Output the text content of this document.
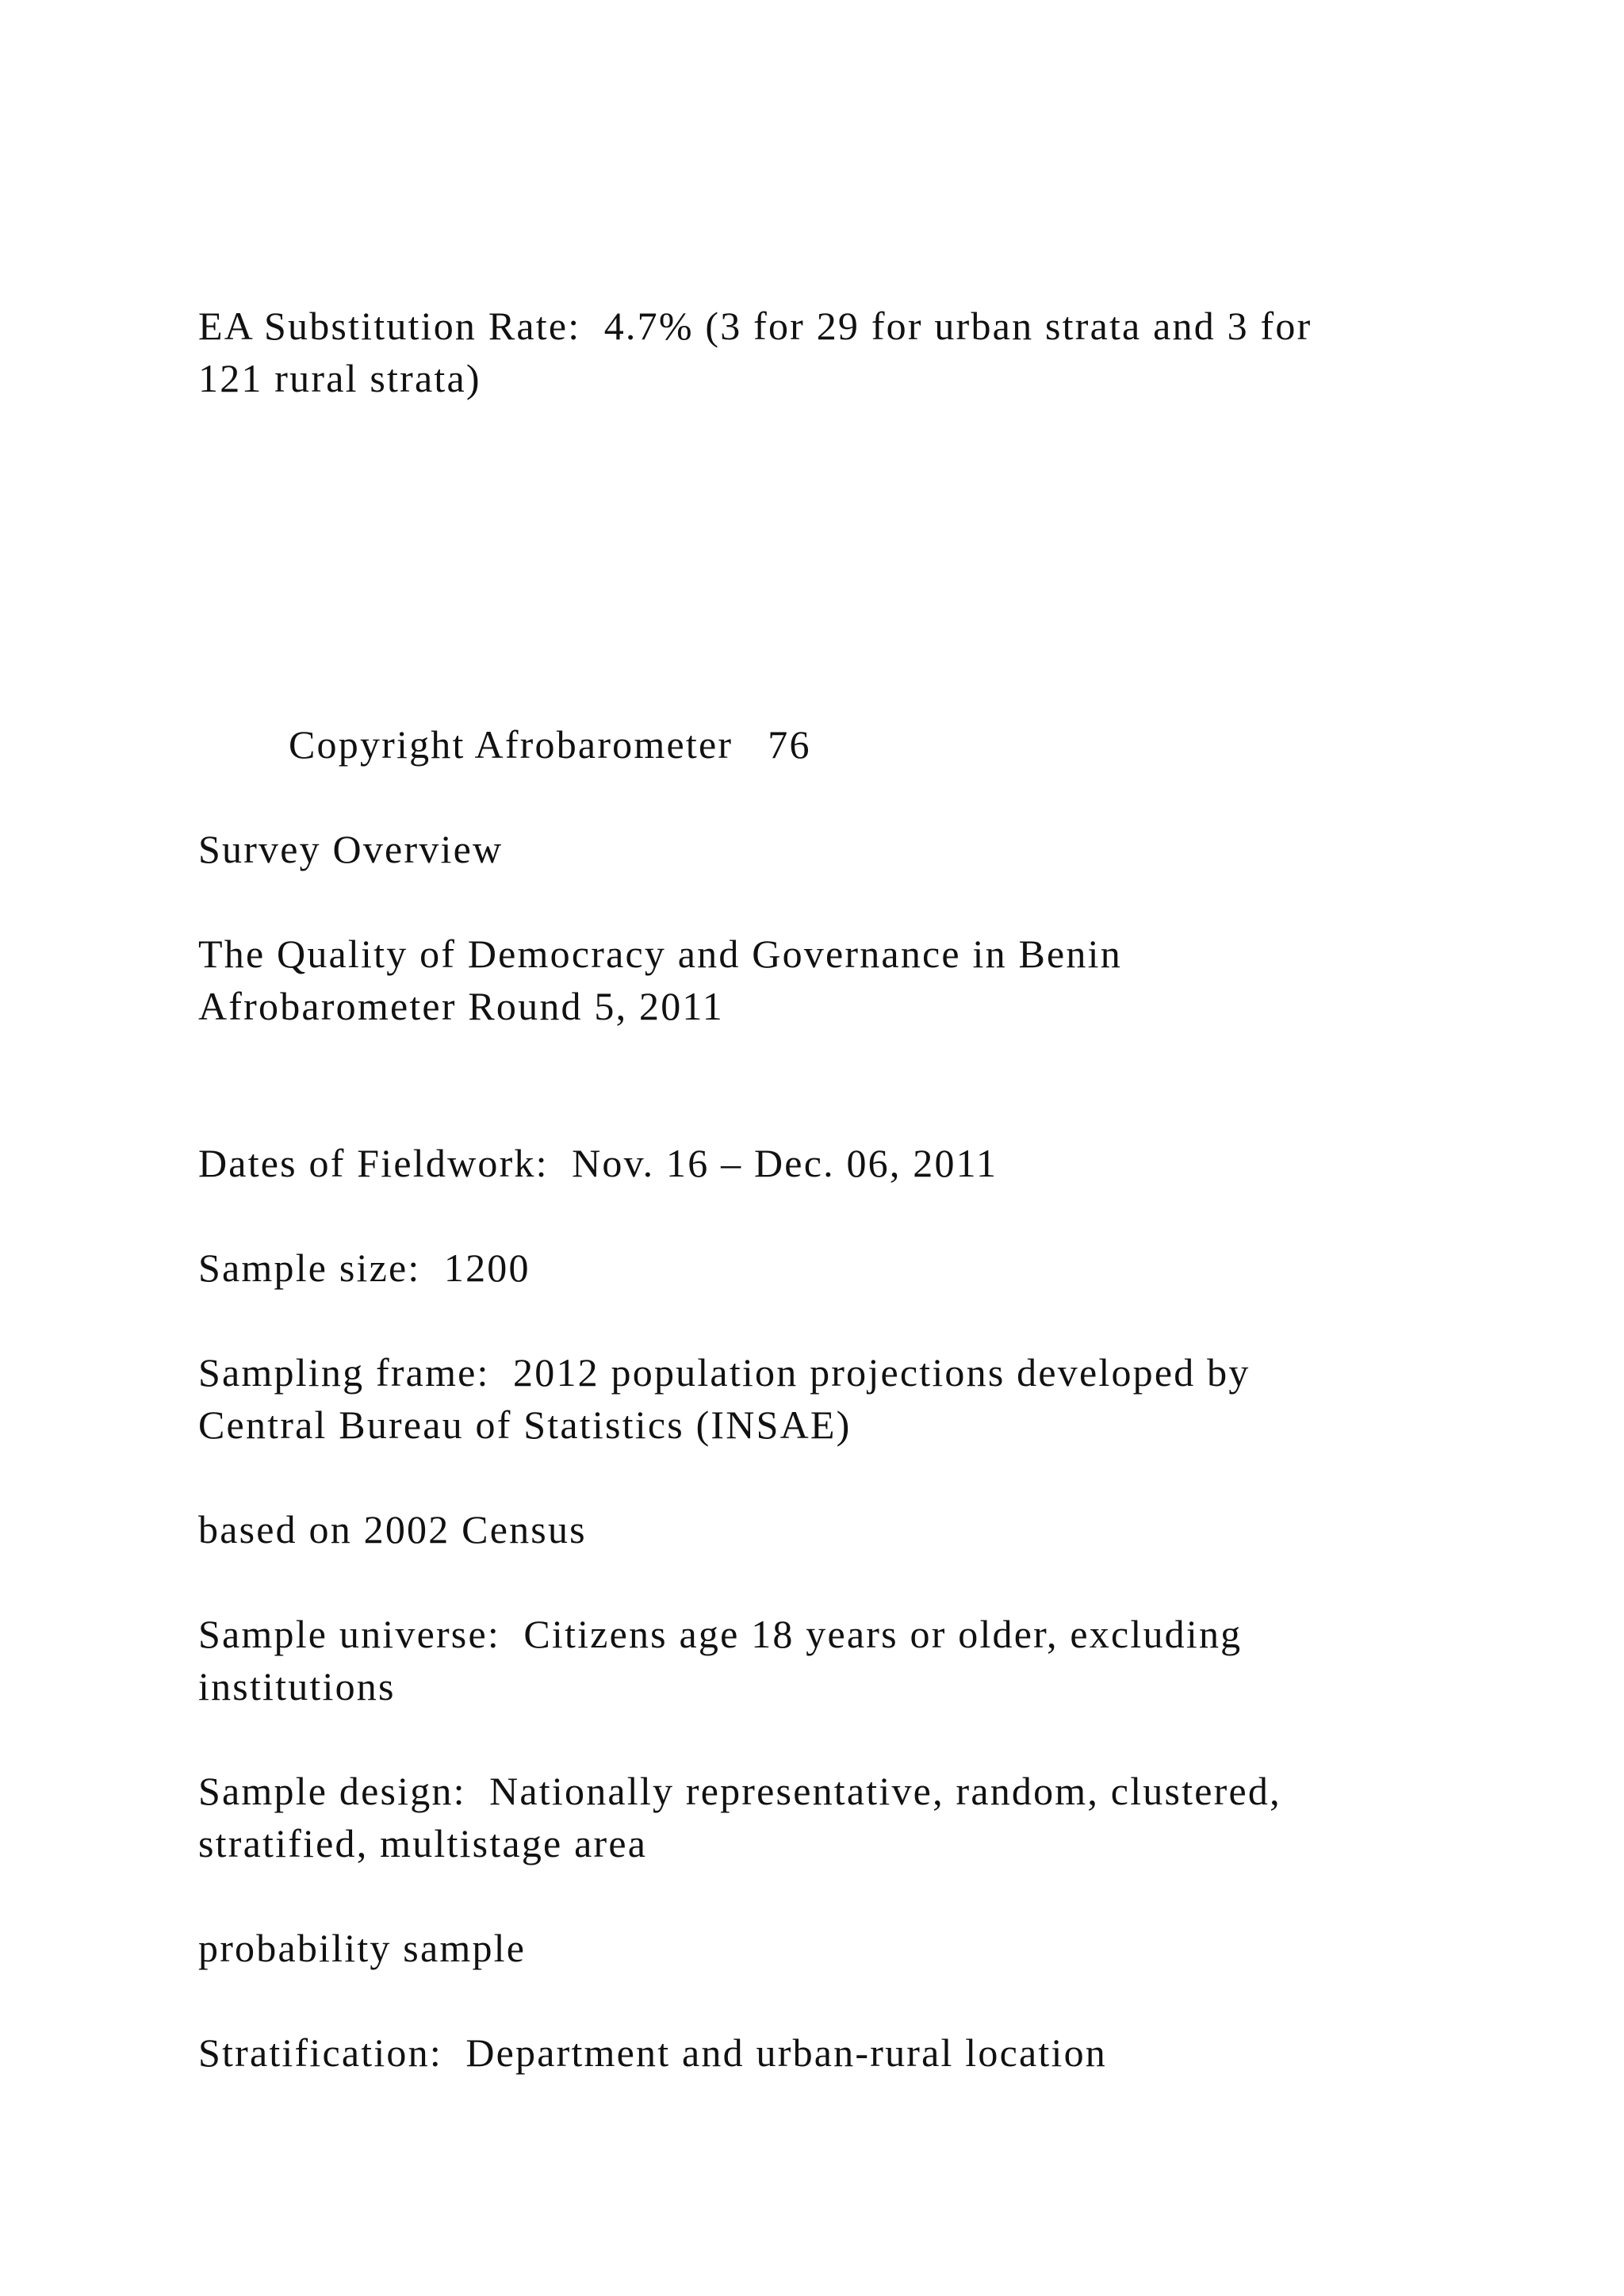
EA Substitution Rate:  4.7% (3 for 29 for urban strata and 3 for

121 rural strata)

Copyright Afrobarometer   76

Survey Overview

The Quality of Democracy and Governance in Benin

Afrobarometer Round 5, 2011

Dates of Fieldwork:  Nov. 16 – Dec. 06, 2011

Sample size:  1200

Sampling frame:  2012 population projections developed by

Central Bureau of Statistics (INSAE)

based on 2002 Census

Sample universe:  Citizens age 18 years or older, excluding

institutions

Sample design:  Nationally representative, random, clustered,

stratified, multistage area

probability sample

Stratification:  Department and urban-rural location
